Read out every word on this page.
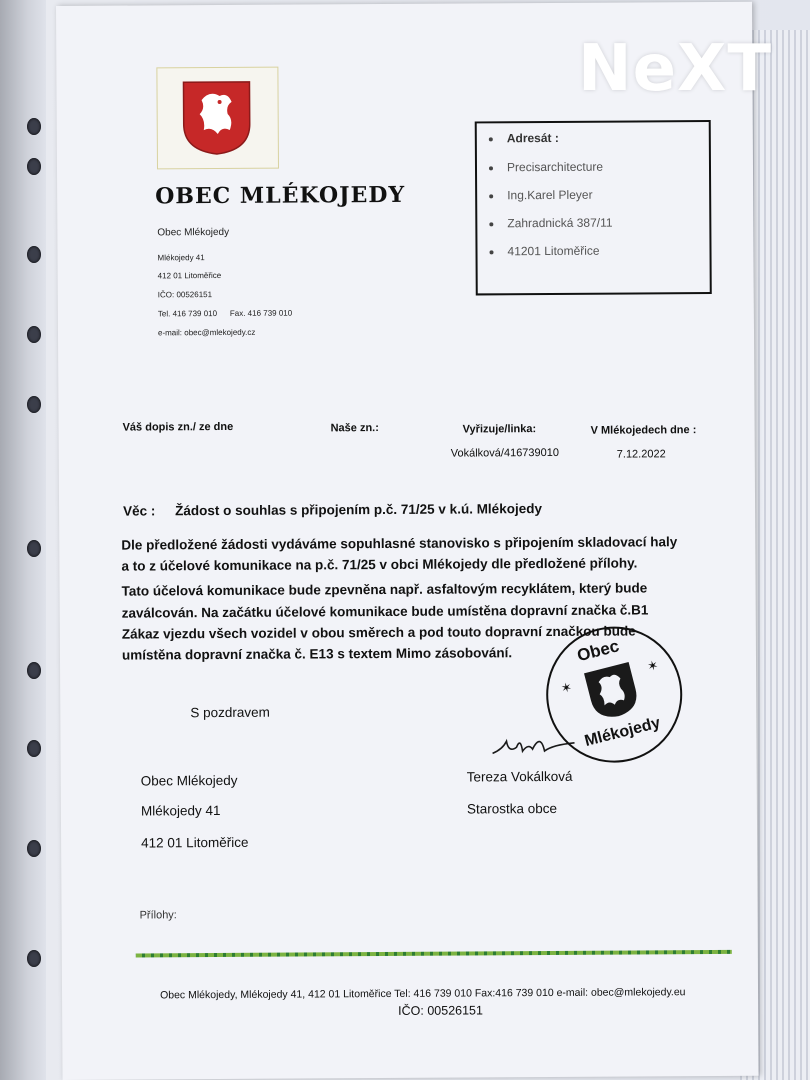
OBEC MLÉKOJEDY
Obec Mlékojedy
Mlékojedy 41
412 01 Litoměřice
IČO: 00526151
Tel. 416 739 010 Fax. 416 739 010
e-mail: obec@mlekojedy.cz
Adresát :
Precisarchitecture
Ing.Karel Pleyer
Zahradnická 387/11
41201 Litoměřice
Váš dopis zn./ ze dne	Naše zn.:	Vyřizuje/linka:
Vokálková/416739010
V Mlékojedech dne :
7.12.2022
Věc : Žádost o souhlas s připojením p.č. 71/25 v k.ú. Mlékojedy
Dle předložené žádosti vydáváme sopuhlasné stanovisko s připojením skladovací haly
a to z účelové komunikace na p.č. 71/25 v obci Mlékojedy dle předložené přílohy.
Tato účelová komunikace bude zpevněna např. asfaltovým recyklátem, který bude
zaválcován. Na začátku účelové komunikace bude umístěna dopravní značka č.B1
Zákaz vjezdu všech vozidel v obou směrech a pod touto dopravní značkou bude
umístěna dopravní značka č. E13 s textem Mimo zásobování.
S pozdravem
Obec Mlékojedy
Mlékojedy 41
412 01 Litoměřice
Tereza Vokálková
Starostka obce
Obec
✶
✶
Mlékojedy
Přílohy:
Obec Mlékojedy, Mlékojedy 41, 412 01 Litoměřice Tel: 416 739 010 Fax:416 739 010 e-mail: obec@mlekojedy.eu
IČO: 00526151
NeXT
